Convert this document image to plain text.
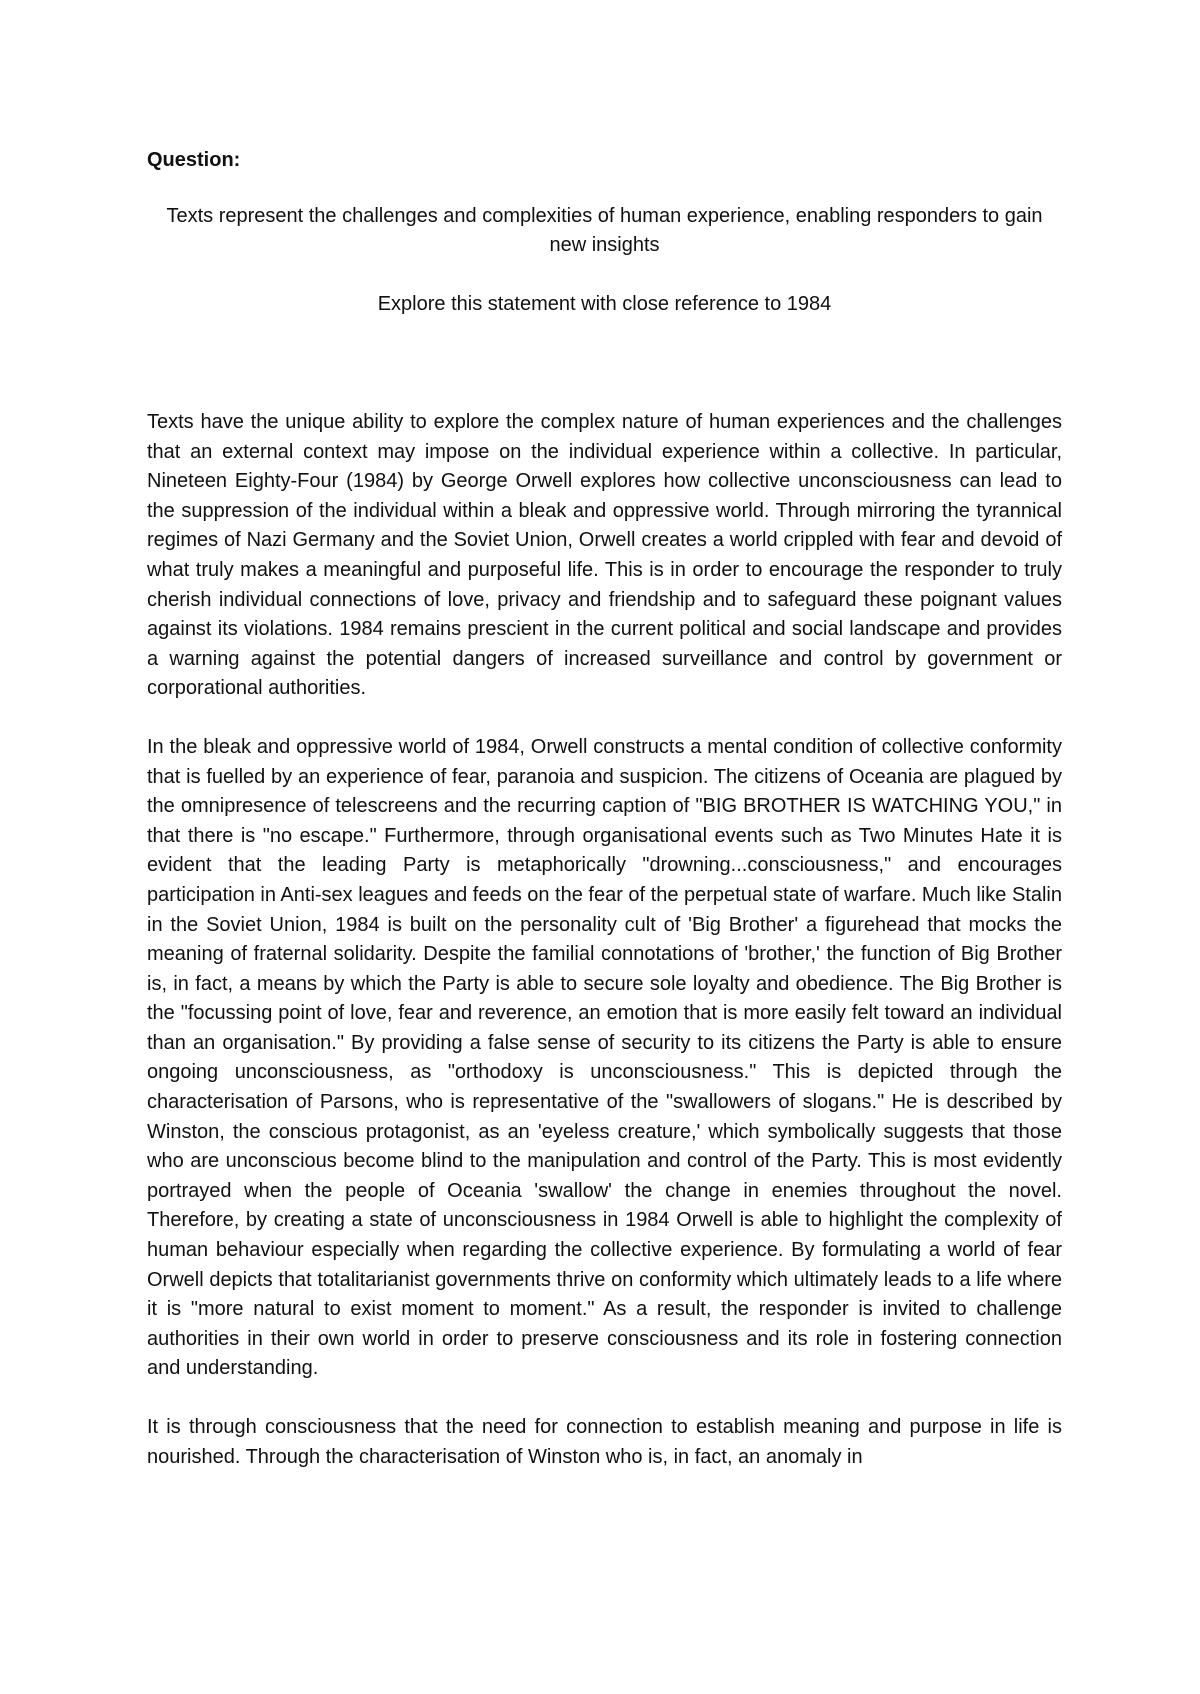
Question:

Texts represent the challenges and complexities of human experience, enabling responders to gain new insights

Explore this statement with close reference to 1984

Texts have the unique ability to explore the complex nature of human experiences and the challenges that an external context may impose on the individual experience within a collective. In particular, Nineteen Eighty-Four (1984) by George Orwell explores how collective unconsciousness can lead to the suppression of the individual within a bleak and oppressive world. Through mirroring the tyrannical regimes of Nazi Germany and the Soviet Union, Orwell creates a world crippled with fear and devoid of what truly makes a meaningful and purposeful life. This is in order to encourage the responder to truly cherish individual connections of love, privacy and friendship and to safeguard these poignant values against its violations. 1984 remains prescient in the current political and social landscape and provides a warning against the potential dangers of increased surveillance and control by government or corporational authorities.

In the bleak and oppressive world of 1984, Orwell constructs a mental condition of collective conformity that is fuelled by an experience of fear, paranoia and suspicion. The citizens of Oceania are plagued by the omnipresence of telescreens and the recurring caption of "BIG BROTHER IS WATCHING YOU," in that there is "no escape." Furthermore, through organisational events such as Two Minutes Hate it is evident that the leading Party is metaphorically "drowning...consciousness," and encourages participation in Anti-sex leagues and feeds on the fear of the perpetual state of warfare. Much like Stalin in the Soviet Union, 1984 is built on the personality cult of 'Big Brother' a figurehead that mocks the meaning of fraternal solidarity. Despite the familial connotations of 'brother,' the function of Big Brother is, in fact, a means by which the Party is able to secure sole loyalty and obedience. The Big Brother is the "focussing point of love, fear and reverence, an emotion that is more easily felt toward an individual than an organisation." By providing a false sense of security to its citizens the Party is able to ensure ongoing unconsciousness, as "orthodoxy is unconsciousness." This is depicted through the characterisation of Parsons, who is representative of the "swallowers of slogans." He is described by Winston, the conscious protagonist, as an 'eyeless creature,' which symbolically suggests that those who are unconscious become blind to the manipulation and control of the Party. This is most evidently portrayed when the people of Oceania 'swallow' the change in enemies throughout the novel. Therefore, by creating a state of unconsciousness in 1984 Orwell is able to highlight the complexity of human behaviour especially when regarding the collective experience. By formulating a world of fear Orwell depicts that totalitarianist governments thrive on conformity which ultimately leads to a life where it is "more natural to exist moment to moment." As a result, the responder is invited to challenge authorities in their own world in order to preserve consciousness and its role in fostering connection and understanding.

It is through consciousness that the need for connection to establish meaning and purpose in life is nourished. Through the characterisation of Winston who is, in fact, an anomaly in
